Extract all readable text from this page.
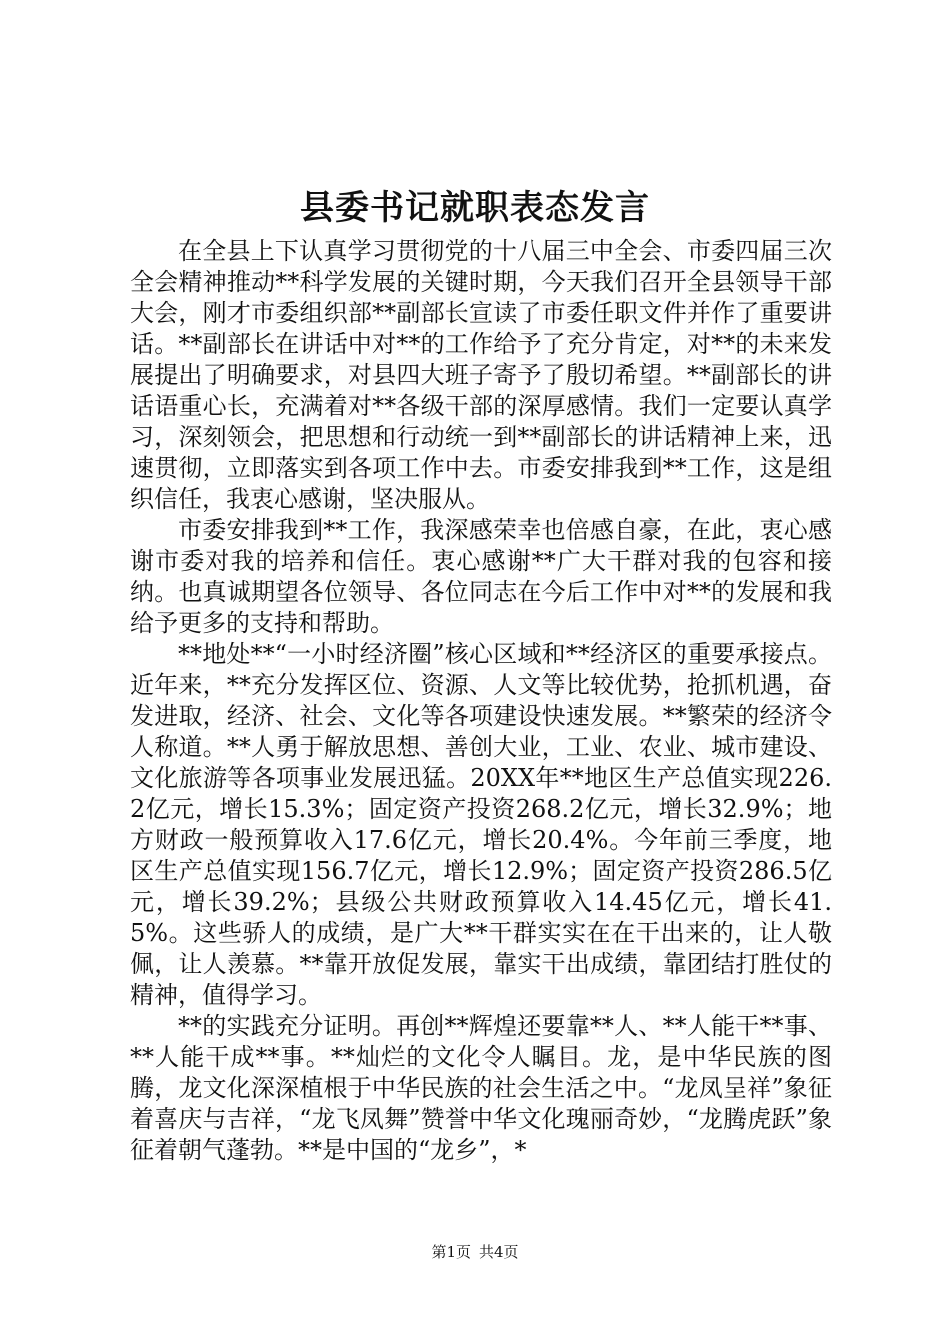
县委书记就职表态发言

在全县上下认真学习贯彻党的十八届三中全会、市委四届三次全会精神推动**科学发展的关键时期，今天我们召开全县领导干部大会，刚才市委组织部**副部长宣读了市委任职文件并作了重要讲话。**副部长在讲话中对**的工作给予了充分肯定，对**的未来发展提出了明确要求，对县四大班子寄予了殷切希望。**副部长的讲话语重心长，充满着对**各级干部的深厚感情。我们一定要认真学习，深刻领会，把思想和行动统一到**副部长的讲话精神上来，迅速贯彻，立即落实到各项工作中去。市委安排我到**工作，这是组织信任，我衷心感谢，坚决服从。

市委安排我到**工作，我深感荣幸也倍感自豪，在此，衷心感谢市委对我的培养和信任。衷心感谢**广大干群对我的包容和接纳。也真诚期望各位领导、各位同志在今后工作中对**的发展和我给予更多的支持和帮助。

**地处**“一小时经济圈”核心区域和**经济区的重要承接点。近年来，**充分发挥区位、资源、人文等比较优势，抢抓机遇，奋发进取，经济、社会、文化等各项建设快速发展。**繁荣的经济令人称道。**人勇于解放思想、善创大业，工业、农业、城市建设、文化旅游等各项事业发展迅猛。20XX年**地区生产总值实现226.2亿元，增长15.3%；固定资产投资268.2亿元，增长32.9%；地方财政一般预算收入17.6亿元，增长20.4%。今年前三季度，地区生产总值实现156.7亿元，增长12.9%；固定资产投资286.5亿元，增长39.2%；县级公共财政预算收入14.45亿元，增长41.5%。这些骄人的成绩，是广大**干群实实在在干出来的，让人敬佩，让人羡慕。**靠开放促发展，靠实干出成绩，靠团结打胜仗的精神，值得学习。

**的实践充分证明。再创**辉煌还要靠**人、**人能干**事、**人能干成**事。**灿烂的文化令人瞩目。龙，是中华民族的图腾，龙文化深深植根于中华民族的社会生活之中。“龙凤呈祥”象征着喜庆与吉祥，“龙飞凤舞”赞誉中华文化瑰丽奇妙，“龙腾虎跃”象征着朝气蓬勃。**是中国的“龙乡”，*

第1页 共4页
